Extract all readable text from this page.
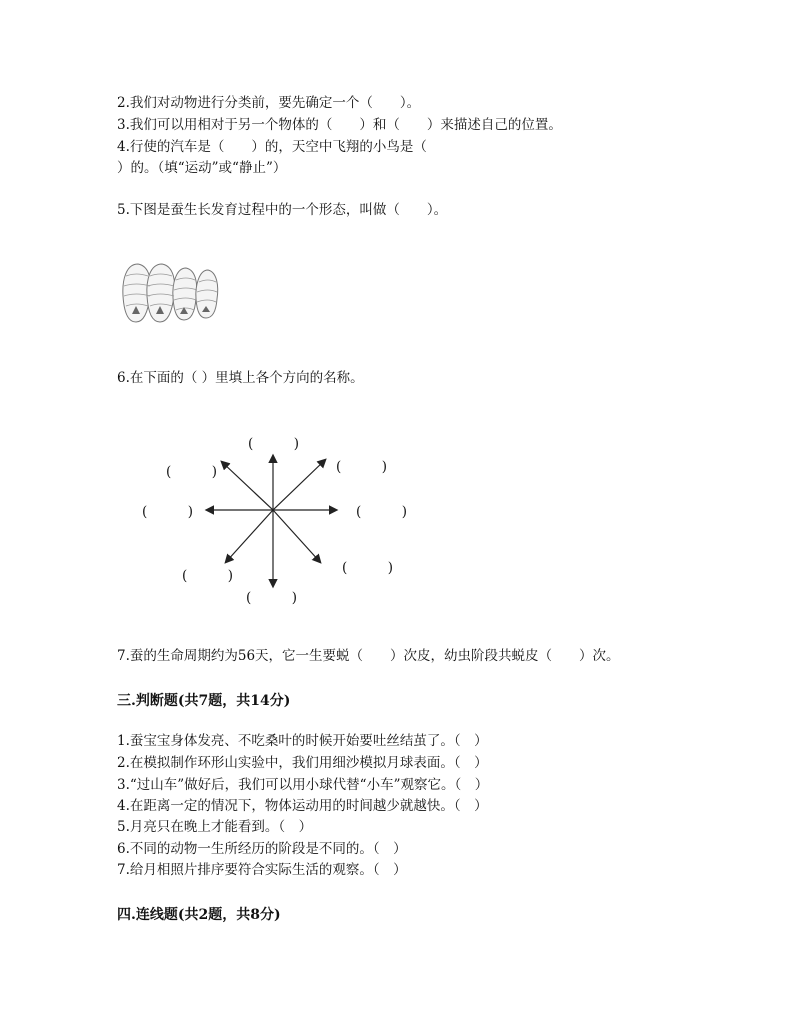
2.我们对动物进行分类前，要先确定一个（　　）。

3.我们可以用相对于另一个物体的（　　）和（　　）来描述自己的位置。

4.行使的汽车是（　　）的，天空中飞翔的小鸟是（

）的。（填“运动”或“静止”）

5.下图是蚕生长发育过程中的一个形态，叫做（　　）。

6.在下面的（ ）里填上各个方向的名称。

(　　　)
(　　　)	(　　　)
(　　　)	(　　　)
(　　　)	(　　　)
(　　　)

7.蚕的生命周期约为56天，它一生要蜕（　　）次皮，幼虫阶段共蜕皮（　　）次。

三.判断题(共7题，共14分)

1.蚕宝宝身体发亮、不吃桑叶的时候开始要吐丝结茧了。（　）

2.在模拟制作环形山实验中，我们用细沙模拟月球表面。（　）

3.“过山车”做好后，我们可以用小球代替“小车”观察它。（　）

4.在距离一定的情况下，物体运动用的时间越少就越快。（　）

5.月亮只在晚上才能看到。（　）

6.不同的动物一生所经历的阶段是不同的。（　）

7.给月相照片排序要符合实际生活的观察。（　）

四.连线题(共2题，共8分)
